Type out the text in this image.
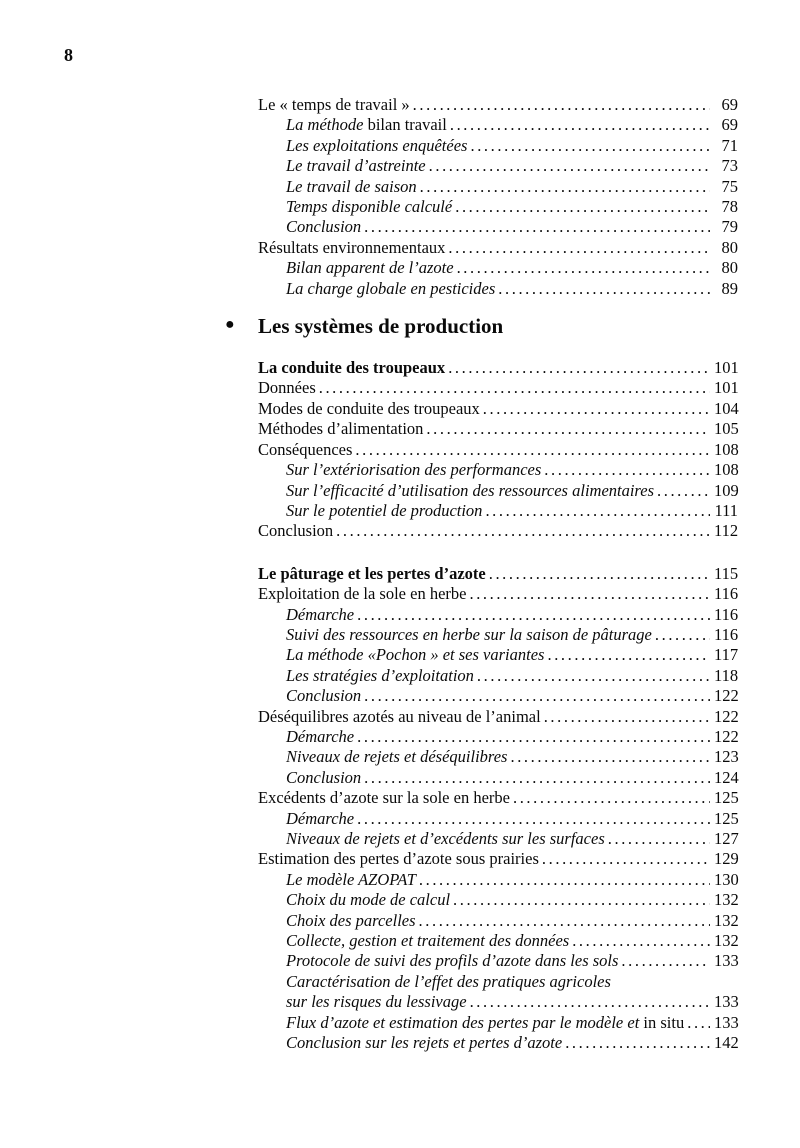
8
Le « temps de travail » .....	69
La méthode bilan travail .....	69
Les exploitations enquêtées .....	71
Le travail d’astreinte .....	73
Le travail de saison .....	75
Temps disponible calculé .....	78
Conclusion .....	79
Résultats environnementaux .....	80
Bilan apparent de l’azote .....	80
La charge globale en pesticides .....	89
● Les systèmes de production
La conduite des troupeaux .....	101
Données .....	101
Modes de conduite des troupeaux .....	104
Méthodes d’alimentation .....	105
Conséquences .....	108
Sur l’extériorisation des performances .....	108
Sur l’efficacité d’utilisation des ressources alimentaires .....	109
Sur le potentiel de production .....	111
Conclusion .....	112
Le pâturage et les pertes d’azote .....	115
Exploitation de la sole en herbe .....	116
Démarche .....	116
Suivi des ressources en herbe sur la saison de pâturage .....	116
La méthode «Pochon » et ses variantes .....	117
Les stratégies d’exploitation .....	118
Conclusion .....	122
Déséquilibres azotés au niveau de l’animal .....	122
Démarche .....	122
Niveaux de rejets et déséquilibres .....	123
Conclusion .....	124
Excédents d’azote sur la sole en herbe .....	125
Démarche .....	125
Niveaux de rejets et d’excédents sur les surfaces .....	127
Estimation des pertes d’azote sous prairies .....	129
Le modèle AZOPAT .....	130
Choix du mode de calcul .....	132
Choix des parcelles .....	132
Collecte, gestion et traitement des données .....	132
Protocole de suivi des profils d’azote dans les sols .....	133
Caractérisation de l’effet des pratiques agricoles
sur les risques du lessivage .....	133
Flux d’azote et estimation des pertes par le modèle et in situ ..... 133
Conclusion sur les rejets et pertes d’azote .....	142
